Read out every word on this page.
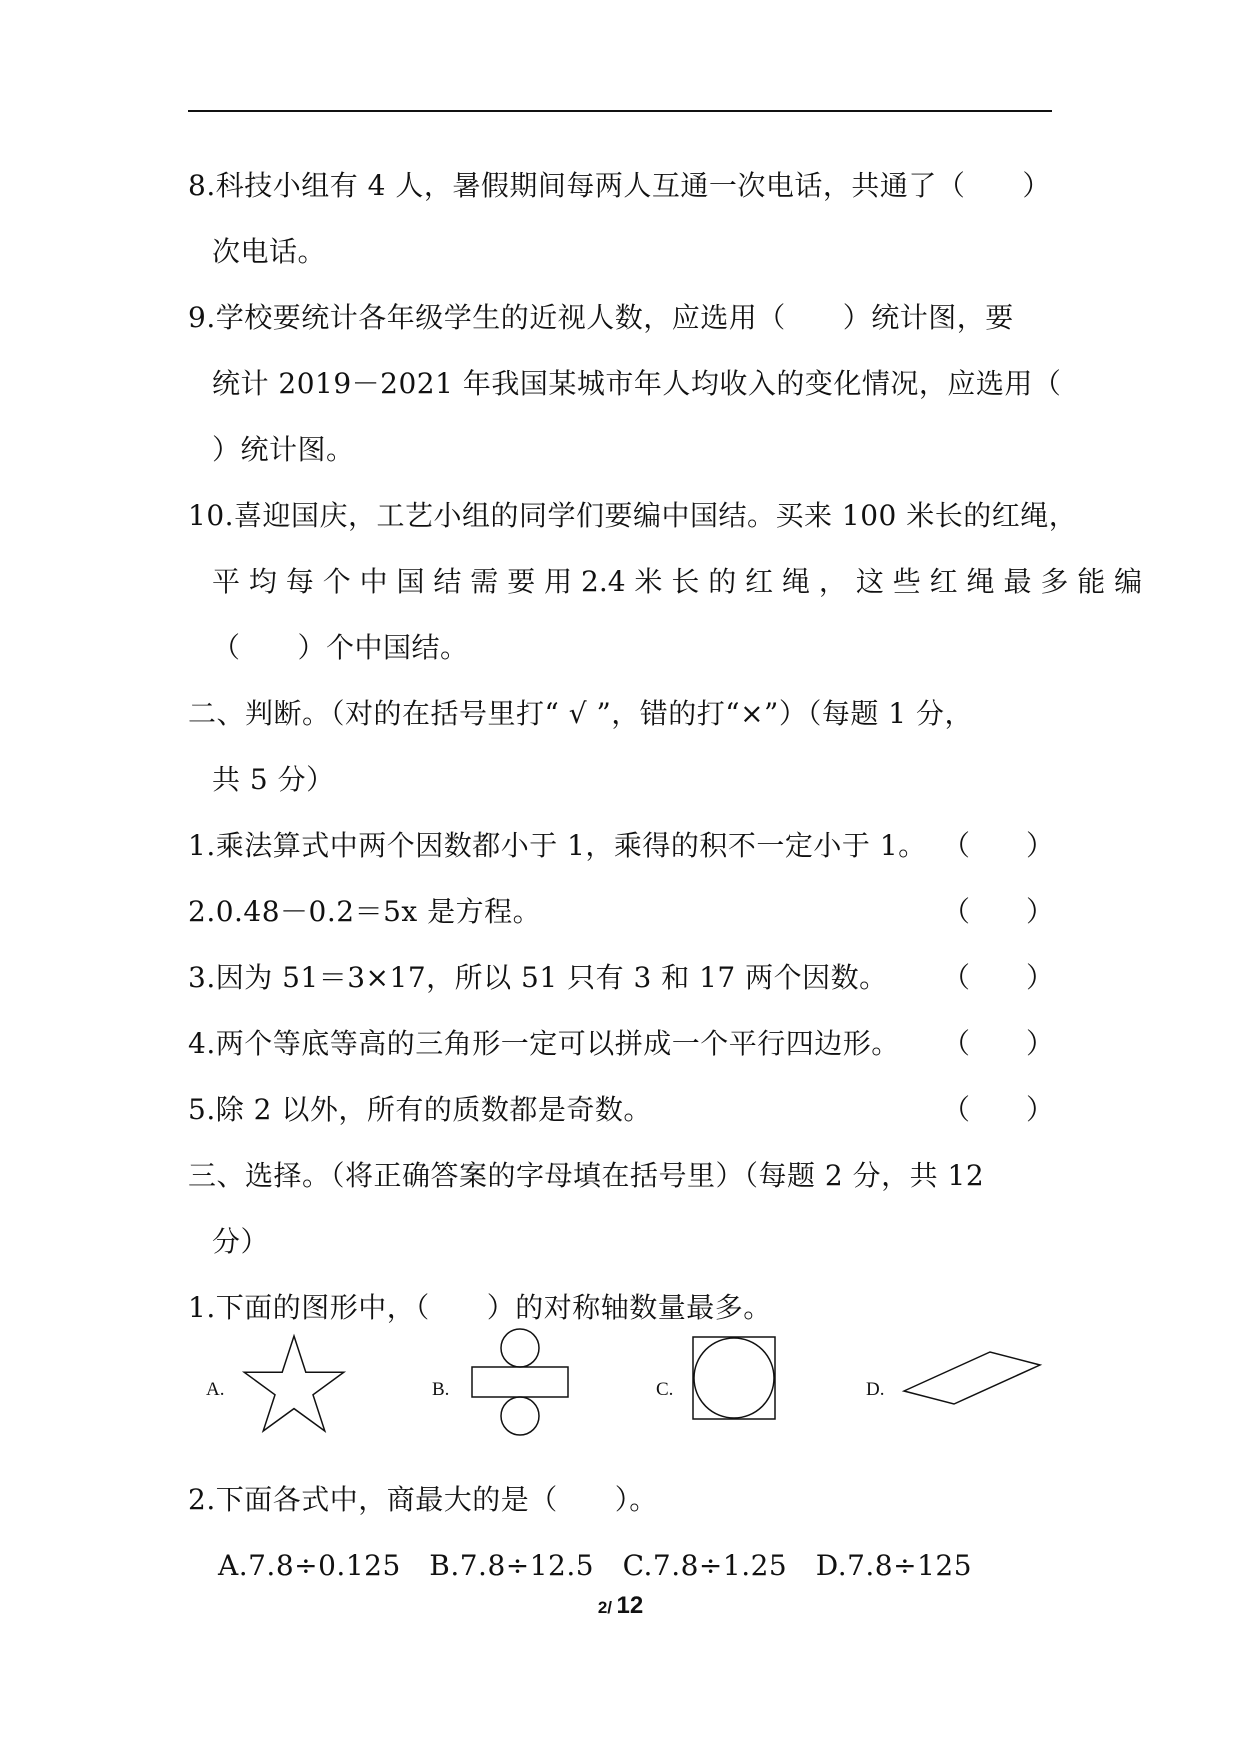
8.科技小组有 4 人，暑假期间每两人互通一次电话，共通了（　　）
次电话。
9.学校要统计各年级学生的近视人数，应选用（　　）统计图，要
统计 2019－2021 年我国某城市年人均收入的变化情况，应选用（
）统计图。
10.喜迎国庆，工艺小组的同学们要编中国结。买来 100 米长的红绳，
平 均 每 个 中 国 结 需 要 用 2.4 米 长 的 红 绳 ， 这 些 红 绳 最 多 能 编
（　　）个中国结。
二、判断。（对的在括号里打“ √ ”，错的打“×”）（每题 1 分，
共 5 分）
1.乘法算式中两个因数都小于 1，乘得的积不一定小于 1。 （　　）
2.0.48－0.2＝5x 是方程。	（　　）
3.因为 51＝3×17，所以 51 只有 3 和 17 两个因数。 （　　）
4.两个等底等高的三角形一定可以拼成一个平行四边形。 （　　）
5.除 2 以外，所有的质数都是奇数。	（　　）
三、选择。（将正确答案的字母填在括号里）（每题 2 分，共 12
分）
1.下面的图形中，（　　）的对称轴数量最多。
A.	B.	C.	D.
2.下面各式中，商最大的是（　　）。
A.7.8÷0.125　B.7.8÷12.5　C.7.8÷1.25　D.7.8÷125
2/ 12
